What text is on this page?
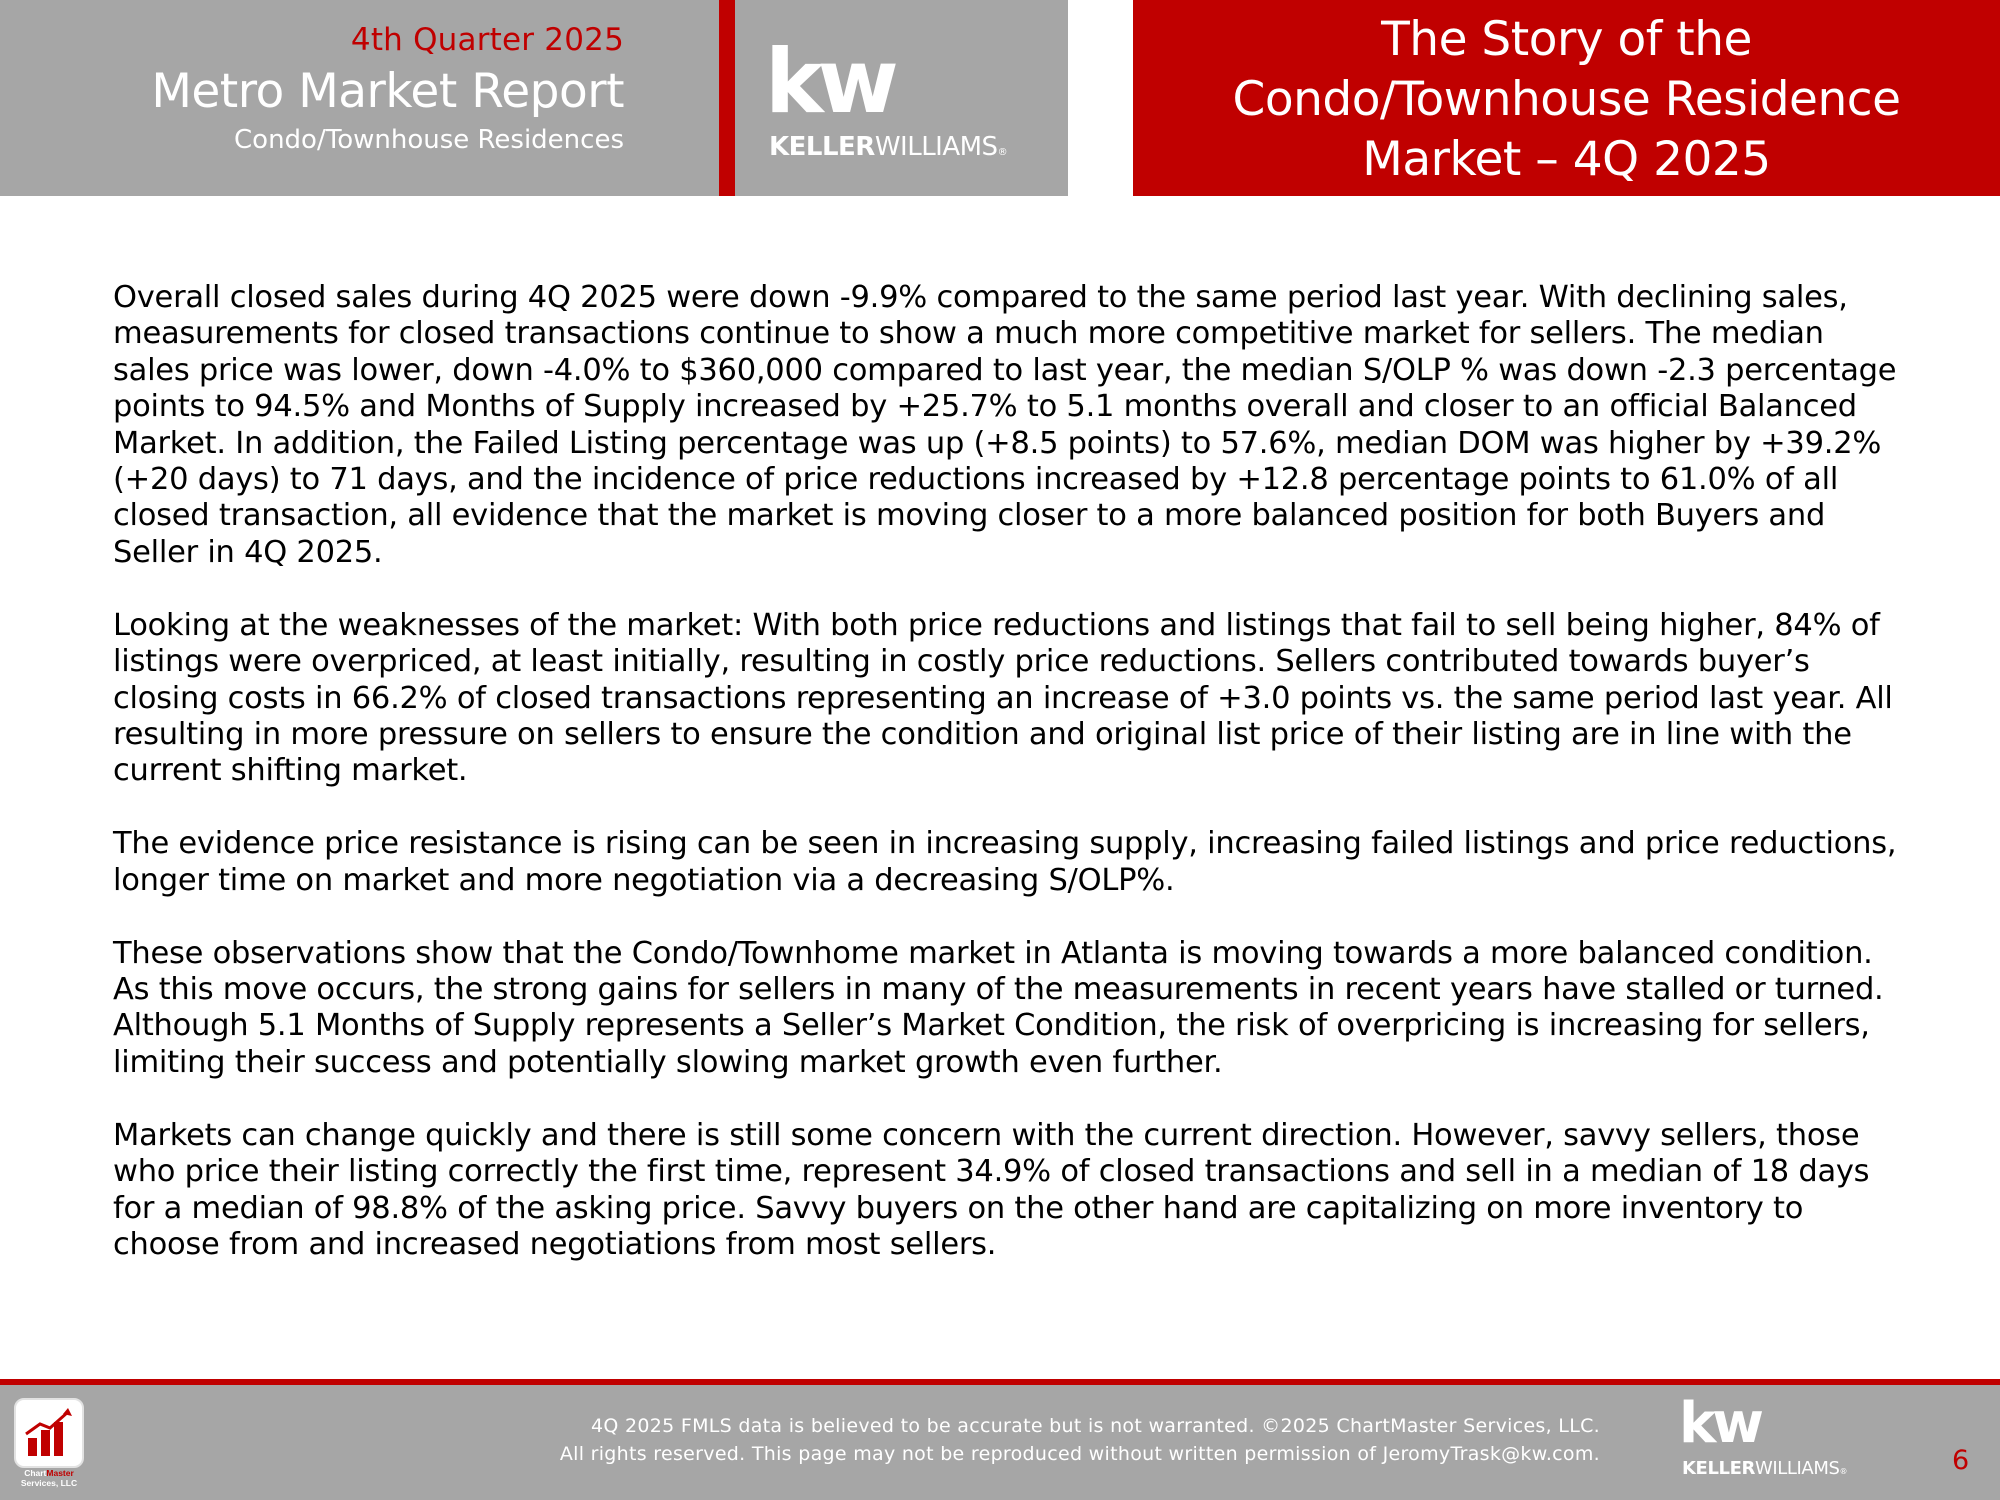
4th Quarter 2025
Metro Market Report
Condo/Townhouse Residences
kw
KELLERWILLIAMS®
The Story of the
Condo/Townhouse Residence
Market – 4Q 2025

Overall closed sales during 4Q 2025 were down -9.9% compared to the same period last year. With declining sales, measurements for closed transactions continue to show a much more competitive market for sellers. The median sales price was lower, down -4.0% to $360,000 compared to last year, the median S/OLP % was down -2.3 percentage points to 94.5% and Months of Supply increased by +25.7% to 5.1 months overall and closer to an official Balanced Market. In addition, the Failed Listing percentage was up (+8.5 points) to 57.6%, median DOM was higher by +39.2% (+20 days) to 71 days, and the incidence of price reductions increased by +12.8 percentage points to 61.0% of all closed transaction, all evidence that the market is moving closer to a more balanced position for both Buyers and Seller in 4Q 2025.

Looking at the weaknesses of the market: With both price reductions and listings that fail to sell being higher, 84% of listings were overpriced, at least initially, resulting in costly price reductions. Sellers contributed towards buyer’s closing costs in 66.2% of closed transactions representing an increase of +3.0 points vs. the same period last year. All resulting in more pressure on sellers to ensure the condition and original list price of their listing are in line with the current shifting market.

The evidence price resistance is rising can be seen in increasing supply, increasing failed listings and price reductions, longer time on market and more negotiation via a decreasing S/OLP%.

These observations show that the Condo/Townhome market in Atlanta is moving towards a more balanced condition. As this move occurs, the strong gains for sellers in many of the measurements in recent years have stalled or turned. Although 5.1 Months of Supply represents a Seller’s Market Condition, the risk of overpricing is increasing for sellers, limiting their success and potentially slowing market growth even further.

Markets can change quickly and there is still some concern with the current direction. However, savvy sellers, those who price their listing correctly the first time, represent 34.9% of closed transactions and sell in a median of 18 days for a median of 98.8% of the asking price. Savvy buyers on the other hand are capitalizing on more inventory to choose from and increased negotiations from most sellers.

ChartMaster
Services, LLC
4Q 2025 FMLS data is believed to be accurate but is not warranted. ©2025 ChartMaster Services, LLC.
All rights reserved. This page may not be reproduced without written permission of JeromyTrask@kw.com. kw
KELLERWILLIAMS®	6
